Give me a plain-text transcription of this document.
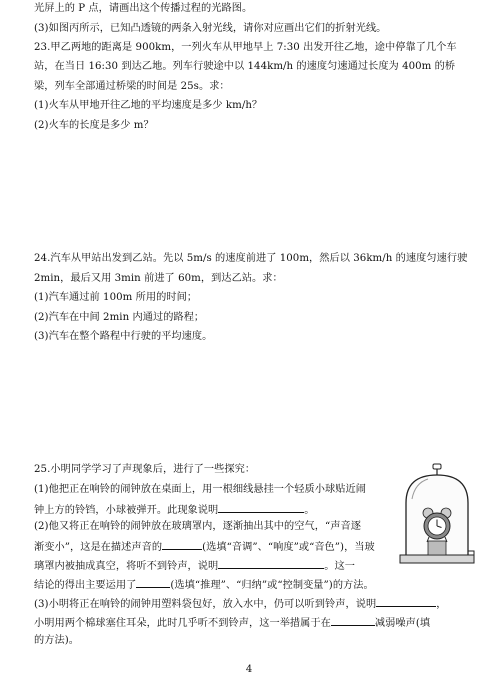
光屏上的 P 点，请画出这个传播过程的光路图。
(3)如图丙所示，已知凸透镜的两条入射光线，请你对应画出它们的折射光线。
23.甲乙两地的距离是 900km，一列火车从甲地早上 7:30 出发开往乙地，途中停靠了几个车
站，在当日 16:30 到达乙地。列车行驶途中以 144km/h 的速度匀速通过长度为 400m 的桥
梁，列车全部通过桥梁的时间是 25s。求：
(1)火车从甲地开往乙地的平均速度是多少 km/h？
(2)火车的长度是多少 m？
24.汽车从甲站出发到乙站。先以 5m/s 的速度前进了 100m，然后以 36km/h 的速度匀速行驶
2min，最后又用 3min 前进了 60m，到达乙站。求：
(1)汽车通过前 100m 所用的时间；
(2)汽车在中间 2min 内通过的路程；
(3)汽车在整个路程中行驶的平均速度。
25.小明同学学习了声现象后，进行了一些探究：
(1)他把正在响铃的闹钟放在桌面上，用一根细线悬挂一个轻质小球贴近闹
钟上方的铃铛，小球被弹开。此现象说明	。
(2)他又将正在响铃的闹钟放在玻璃罩内，逐渐抽出其中的空气，“声音逐
渐变小”，这是在描述声音的	(选填“音调”、“响度”或“音色”)，当玻
璃罩内被抽成真空，将听不到铃声，说明	。这一
结论的得出主要运用了	(选填“推理”、“归纳”或“控制变量”)的方法。
(3)小明将正在响铃的闹钟用塑料袋包好，放入水中，仍可以听到铃声，说明	，
小明用两个棉球塞住耳朵，此时几乎听不到铃声，这一举措属于在	减弱噪声(填
的方法)。
4
